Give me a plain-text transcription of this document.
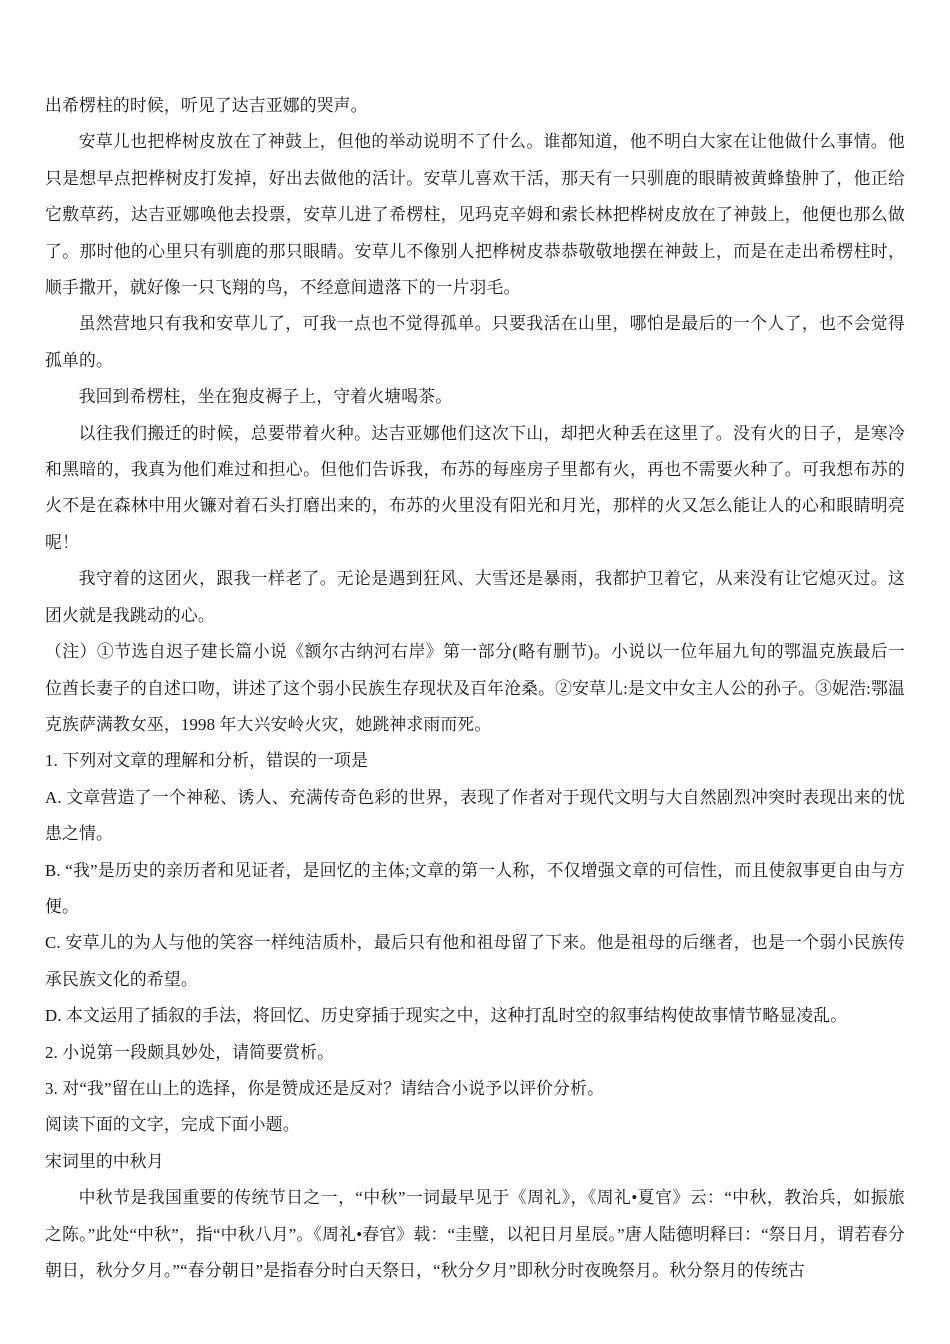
出希楞柱的时候，听见了达吉亚娜的哭声。

安草儿也把桦树皮放在了神鼓上，但他的举动说明不了什么。谁都知道，他不明白大家在让他做什么事情。他只是想早点把桦树皮打发掉，好出去做他的活计。安草儿喜欢干活，那天有一只驯鹿的眼睛被黄蜂蛰肿了，他正给它敷草药，达吉亚娜唤他去投票，安草儿进了希楞柱，见玛克辛姆和索长林把桦树皮放在了神鼓上，他便也那么做了。那时他的心里只有驯鹿的那只眼睛。安草儿不像别人把桦树皮恭恭敬敬地摆在神鼓上，而是在走出希楞柱时，顺手撒开，就好像一只飞翔的鸟，不经意间遗落下的一片羽毛。

虽然营地只有我和安草儿了，可我一点也不觉得孤单。只要我活在山里，哪怕是最后的一个人了，也不会觉得孤单的。

我回到希楞柱，坐在狍皮褥子上，守着火塘喝茶。

以往我们搬迁的时候，总要带着火种。达吉亚娜他们这次下山，却把火种丢在这里了。没有火的日子，是寒冷和黑暗的，我真为他们难过和担心。但他们告诉我，布苏的每座房子里都有火，再也不需要火种了。可我想布苏的火不是在森林中用火镰对着石头打磨出来的，布苏的火里没有阳光和月光，那样的火又怎么能让人的心和眼睛明亮呢！

我守着的这团火，跟我一样老了。无论是遇到狂风、大雪还是暴雨，我都护卫着它，从来没有让它熄灭过。这团火就是我跳动的心。

（注）①节选自迟子建长篇小说《额尔古纳河右岸》第一部分(略有删节)。小说以一位年届九旬的鄂温克族最后一位酋长妻子的自述口吻，讲述了这个弱小民族生存现状及百年沧桑。②安草儿:是文中女主人公的孙子。③妮浩:鄂温克族萨满教女巫，1998 年大兴安岭火灾，她跳神求雨而死。

1. 下列对文章的理解和分析，错误的一项是

A. 文章营造了一个神秘、诱人、充满传奇色彩的世界，表现了作者对于现代文明与大自然剧烈冲突时表现出来的忧患之情。

B. “我”是历史的亲历者和见证者，是回忆的主体;文章的第一人称，不仅增强文章的可信性，而且使叙事更自由与方便。

C. 安草儿的为人与他的笑容一样纯洁质朴，最后只有他和祖母留了下来。他是祖母的后继者，也是一个弱小民族传承民族文化的希望。

D. 本文运用了插叙的手法，将回忆、历史穿插于现实之中，这种打乱时空的叙事结构使故事情节略显凌乱。

2. 小说第一段颇具妙处，请简要赏析。

3. 对“我”留在山上的选择，你是赞成还是反对？请结合小说予以评价分析。

阅读下面的文字，完成下面小题。

宋词里的中秋月

中秋节是我国重要的传统节日之一，“中秋”一词最早见于《周礼》，《周礼•夏官》云：“中秋，教治兵，如振旅之陈。”此处“中秋”，指“中秋八月”。《周礼•春官》载：“圭璧，以祀日月星辰。”唐人陆德明释曰：“祭日月，谓若春分朝日，秋分夕月。”“春分朝日”是指春分时白天祭日，“秋分夕月”即秋分时夜晚祭月。秋分祭月的传统古
